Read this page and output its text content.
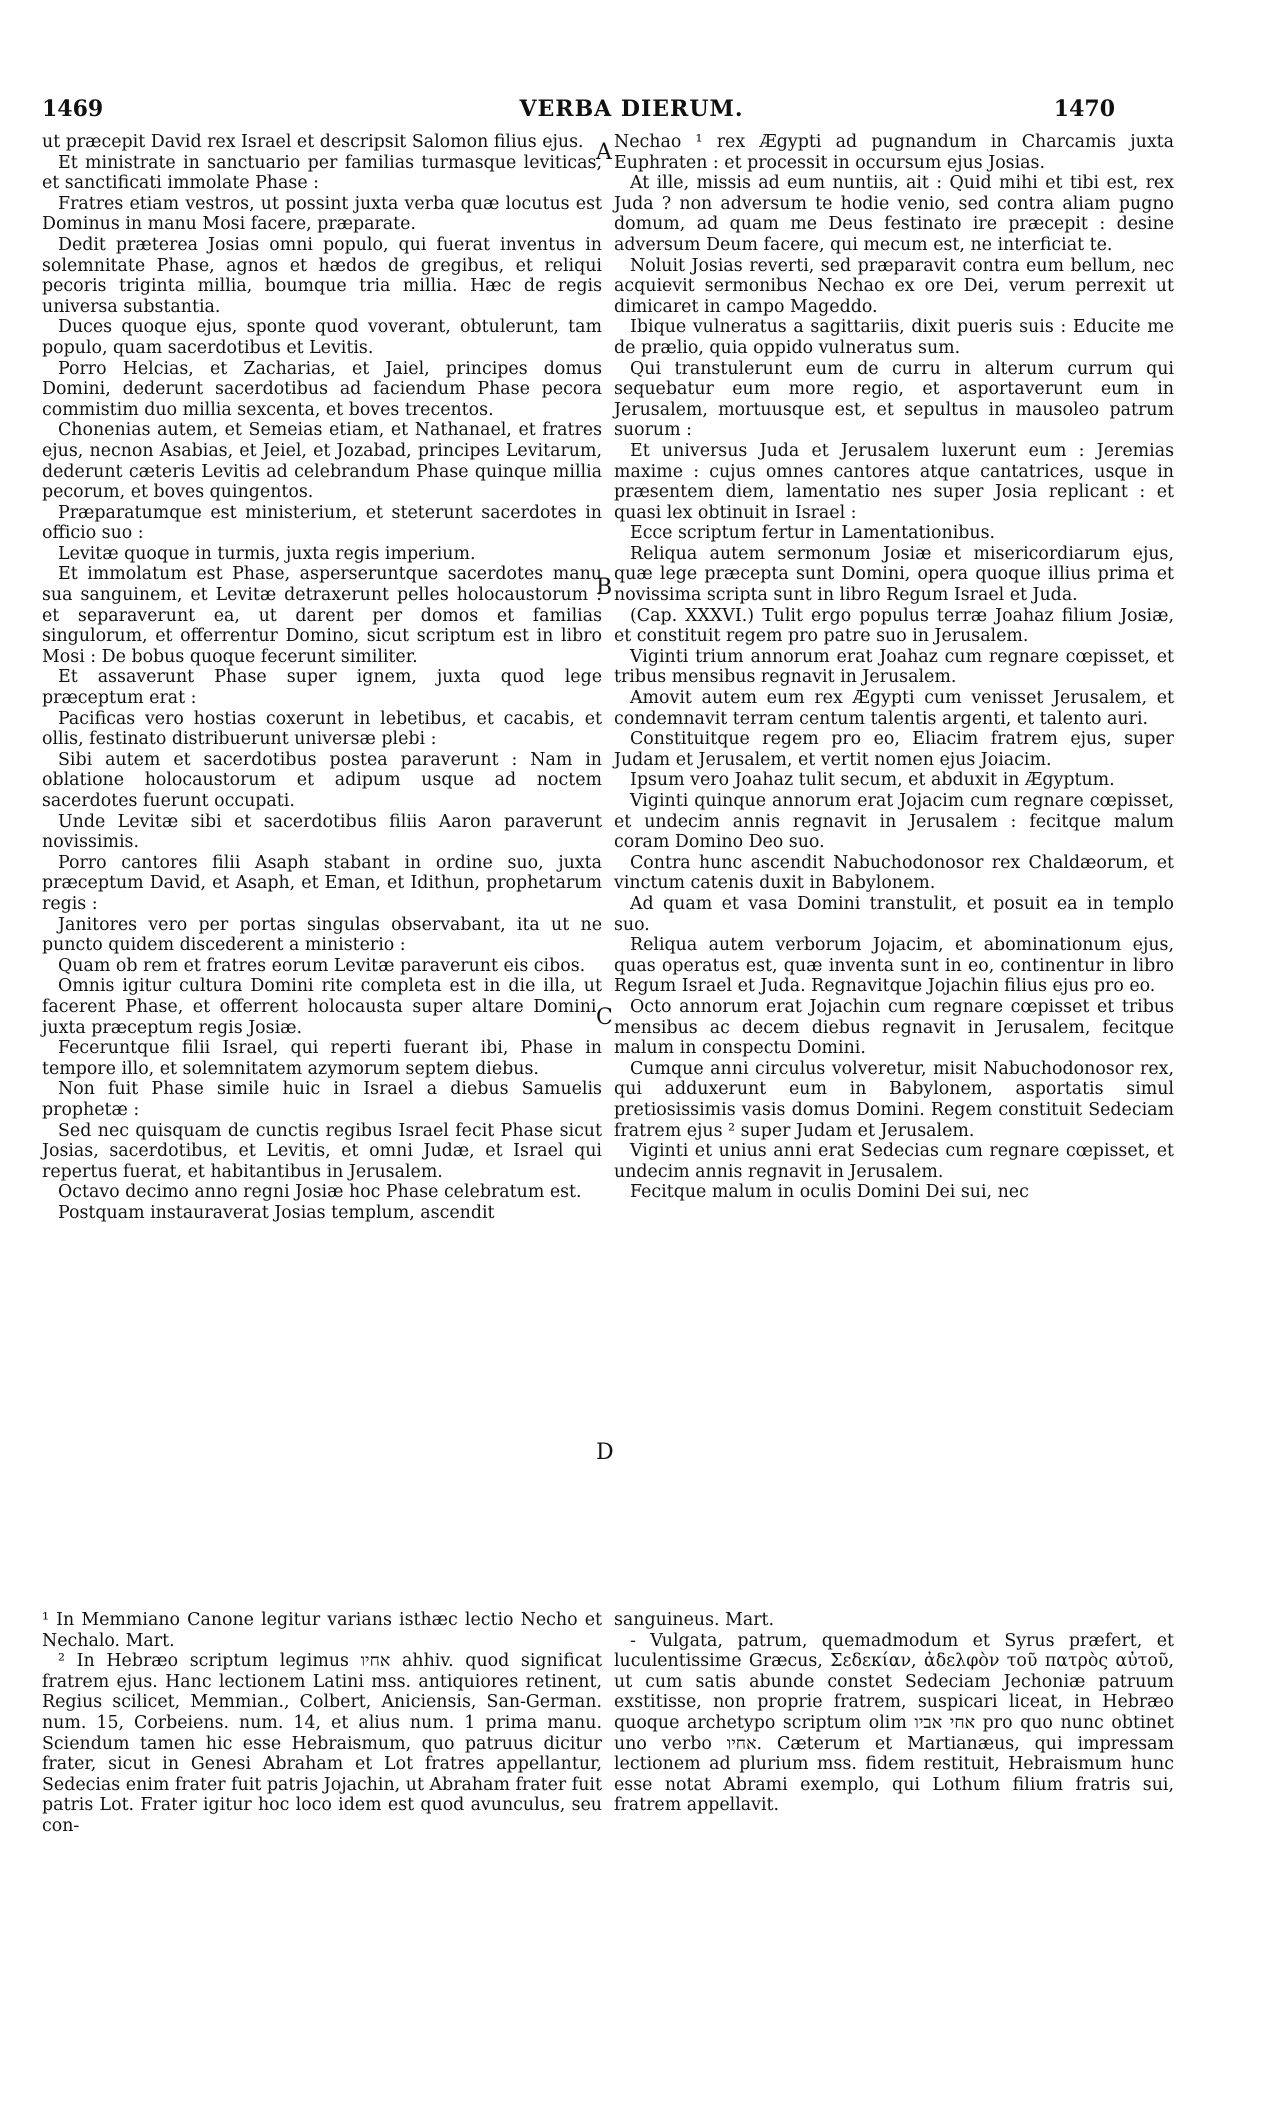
VERBA DIERUM.
1469	1470

ut præcepit David rex Israel et descripsit Salomon filius ejus.

Et ministrate in sanctuario per familias turmasque leviticas, et sanctificati immolate Phase :

Fratres etiam vestros, ut possint juxta verba quæ locutus est Dominus in manu Mosi facere, præparate.

Dedit præterea Josias omni populo, qui fuerat inventus in solemnitate Phase, agnos et hædos de gregibus, et reliqui pecoris triginta millia, boumque tria millia. Hæc de regis universa substantia.

Duces quoque ejus, sponte quod voverant, obtulerunt, tam populo, quam sacerdotibus et Levitis.

Porro Helcias, et Zacharias, et Jaiel, principes domus Domini, dederunt sacerdotibus ad faciendum Phase pecora commistim duo millia sexcenta, et boves trecentos.

Chonenias autem, et Semeias etiam, et Nathanael, et fratres ejus, necnon Asabias, et Jeiel, et Jozabad, principes Levitarum, dederunt cæteris Levitis ad celebrandum Phase quinque millia pecorum, et boves quingentos.

Præparatumque est ministerium, et steterunt sacerdotes in officio suo :

Levitæ quoque in turmis, juxta regis imperium.

Et immolatum est Phase, asperseruntque sacerdotes manu sua sanguinem, et Levitæ detraxerunt pelles holocaustorum : et separaverunt ea, ut darent per domos et familias singulorum, et offerrentur Domino, sicut scriptum est in libro Mosi : De bobus quoque fecerunt similiter.

Et assaverunt Phase super ignem, juxta quod lege præceptum erat :

Pacificas vero hostias coxerunt in lebetibus, et cacabis, et ollis, festinato distribuerunt universæ plebi :

Sibi autem et sacerdotibus postea paraverunt : Nam in oblatione holocaustorum et adipum usque ad noctem sacerdotes fuerunt occupati.

Unde Levitæ sibi et sacerdotibus filiis Aaron paraverunt novissimis.

Porro cantores filii Asaph stabant in ordine suo, juxta præceptum David, et Asaph, et Eman, et Idithun, prophetarum regis :

Janitores vero per portas singulas observabant, ita ut ne puncto quidem discederent a ministerio :

Quam ob rem et fratres eorum Levitæ paraverunt eis cibos.

Omnis igitur cultura Domini rite completa est in die illa, ut facerent Phase, et offerrent holocausta super altare Domini, juxta præceptum regis Josiæ.

Feceruntque filii Israel, qui reperti fuerant ibi, Phase in tempore illo, et solemnitatem azymorum septem diebus.

Non fuit Phase simile huic in Israel a diebus Samuelis prophetæ :

Sed nec quisquam de cunctis regibus Israel fecit Phase sicut Josias, sacerdotibus, et Levitis, et omni Judæ, et Israel qui repertus fuerat, et habitantibus in Jerusalem.

Octavo decimo anno regni Josiæ hoc Phase celebratum est.

Postquam instauraverat Josias templum, ascendit

Nechao ¹ rex Ægypti ad pugnandum in Charcamis juxta Euphraten : et processit in occursum ejus Josias.

At ille, missis ad eum nuntiis, ait : Quid mihi et tibi est, rex Juda ? non adversum te hodie venio, sed contra aliam pugno domum, ad quam me Deus festinato ire præcepit : desine adversum Deum facere, qui mecum est, ne interficiat te.

Noluit Josias reverti, sed præparavit contra eum bellum, nec acquievit sermonibus Nechao ex ore Dei, verum perrexit ut dimicaret in campo Mageddo.

Ibique vulneratus a sagittariis, dixit pueris suis : Educite me de prælio, quia oppido vulneratus sum.

Qui transtulerunt eum de curru in alterum currum qui sequebatur eum more regio, et asportaverunt eum in Jerusalem, mortuusque est, et sepultus in mausoleo patrum suorum :

Et universus Juda et Jerusalem luxerunt eum : Jeremias maxime : cujus omnes cantores atque cantatrices, usque in præsentem diem, lamentatio nes super Josia replicant : et quasi lex obtinuit in Israel :

Ecce scriptum fertur in Lamentationibus.

Reliqua autem sermonum Josiæ et misericordiarum ejus, quæ lege præcepta sunt Domini, opera quoque illius prima et novissima scripta sunt in libro Regum Israel et Juda.

(Cap. XXXVI.) Tulit ergo populus terræ Joahaz filium Josiæ, et constituit regem pro patre suo in Jerusalem.

Viginti trium annorum erat Joahaz cum regnare cœpisset, et tribus mensibus regnavit in Jerusalem.

Amovit autem eum rex Ægypti cum venisset Jerusalem, et condemnavit terram centum talentis argenti, et talento auri.

Constituitque regem pro eo, Eliacim fratrem ejus, super Judam et Jerusalem, et vertit nomen ejus Joiacim.

Ipsum vero Joahaz tulit secum, et abduxit in Ægyptum.

Viginti quinque annorum erat Jojacim cum regnare cœpisset, et undecim annis regnavit in Jerusalem : fecitque malum coram Domino Deo suo.

Contra hunc ascendit Nabuchodonosor rex Chaldæorum, et vinctum catenis duxit in Babylonem.

Ad quam et vasa Domini transtulit, et posuit ea in templo suo.

Reliqua autem verborum Jojacim, et abominationum ejus, quas operatus est, quæ inventa sunt in eo, continentur in libro Regum Israel et Juda. Regnavitque Jojachin filius ejus pro eo.

Octo annorum erat Jojachin cum regnare cœpisset et tribus mensibus ac decem diebus regnavit in Jerusalem, fecitque malum in conspectu Domini.

Cumque anni circulus volveretur, misit Nabuchodonosor rex, qui adduxerunt eum in Babylonem, asportatis simul pretiosissimis vasis domus Domini. Regem constituit Sedeciam fratrem ejus ² super Judam et Jerusalem.

Viginti et unius anni erat Sedecias cum regnare cœpisset, et undecim annis regnavit in Jerusalem.

Fecitque malum in oculis Domini Dei sui, nec

A
B
C
D

¹ In Memmiano Canone legitur varians isthæc lectio Necho et Nechalo. Mart.

² In Hebræo scriptum legimus אחיו ahhiv. quod significat fratrem ejus. Hanc lectionem Latini mss. antiquiores retinent, Regius scilicet, Memmian., Colbert, Aniciensis, San-German. num. 15, Corbeiens. num. 14, et alius num. 1 prima manu. Sciendum tamen hic esse Hebraismum, quo patruus dicitur frater, sicut in Genesi Abraham et Lot fratres appellantur, Sedecias enim frater fuit patris Jojachin, ut Abraham frater fuit patris Lot. Frater igitur hoc loco idem est quod avunculus, seu con-

sanguineus. Mart.

- Vulgata, patrum, quemadmodum et Syrus præfert, et luculentissime Græcus, Σεδεκίαν, ἀδελφὸν τοῦ πατρὸς αὐτοῦ, ut cum satis abunde constet Sedeciam Jechoniæ patruum exstitisse, non proprie fratrem, suspicari liceat, in Hebræo quoque archetypo scriptum olim אחי אביו pro quo nunc obtinet uno verbo אחיו. Cæterum et Martianæus, qui impressam lectionem ad plurium mss. fidem restituit, Hebraismum hunc esse notat Abrami exemplo, qui Lothum filium fratris sui, fratrem appellavit.
